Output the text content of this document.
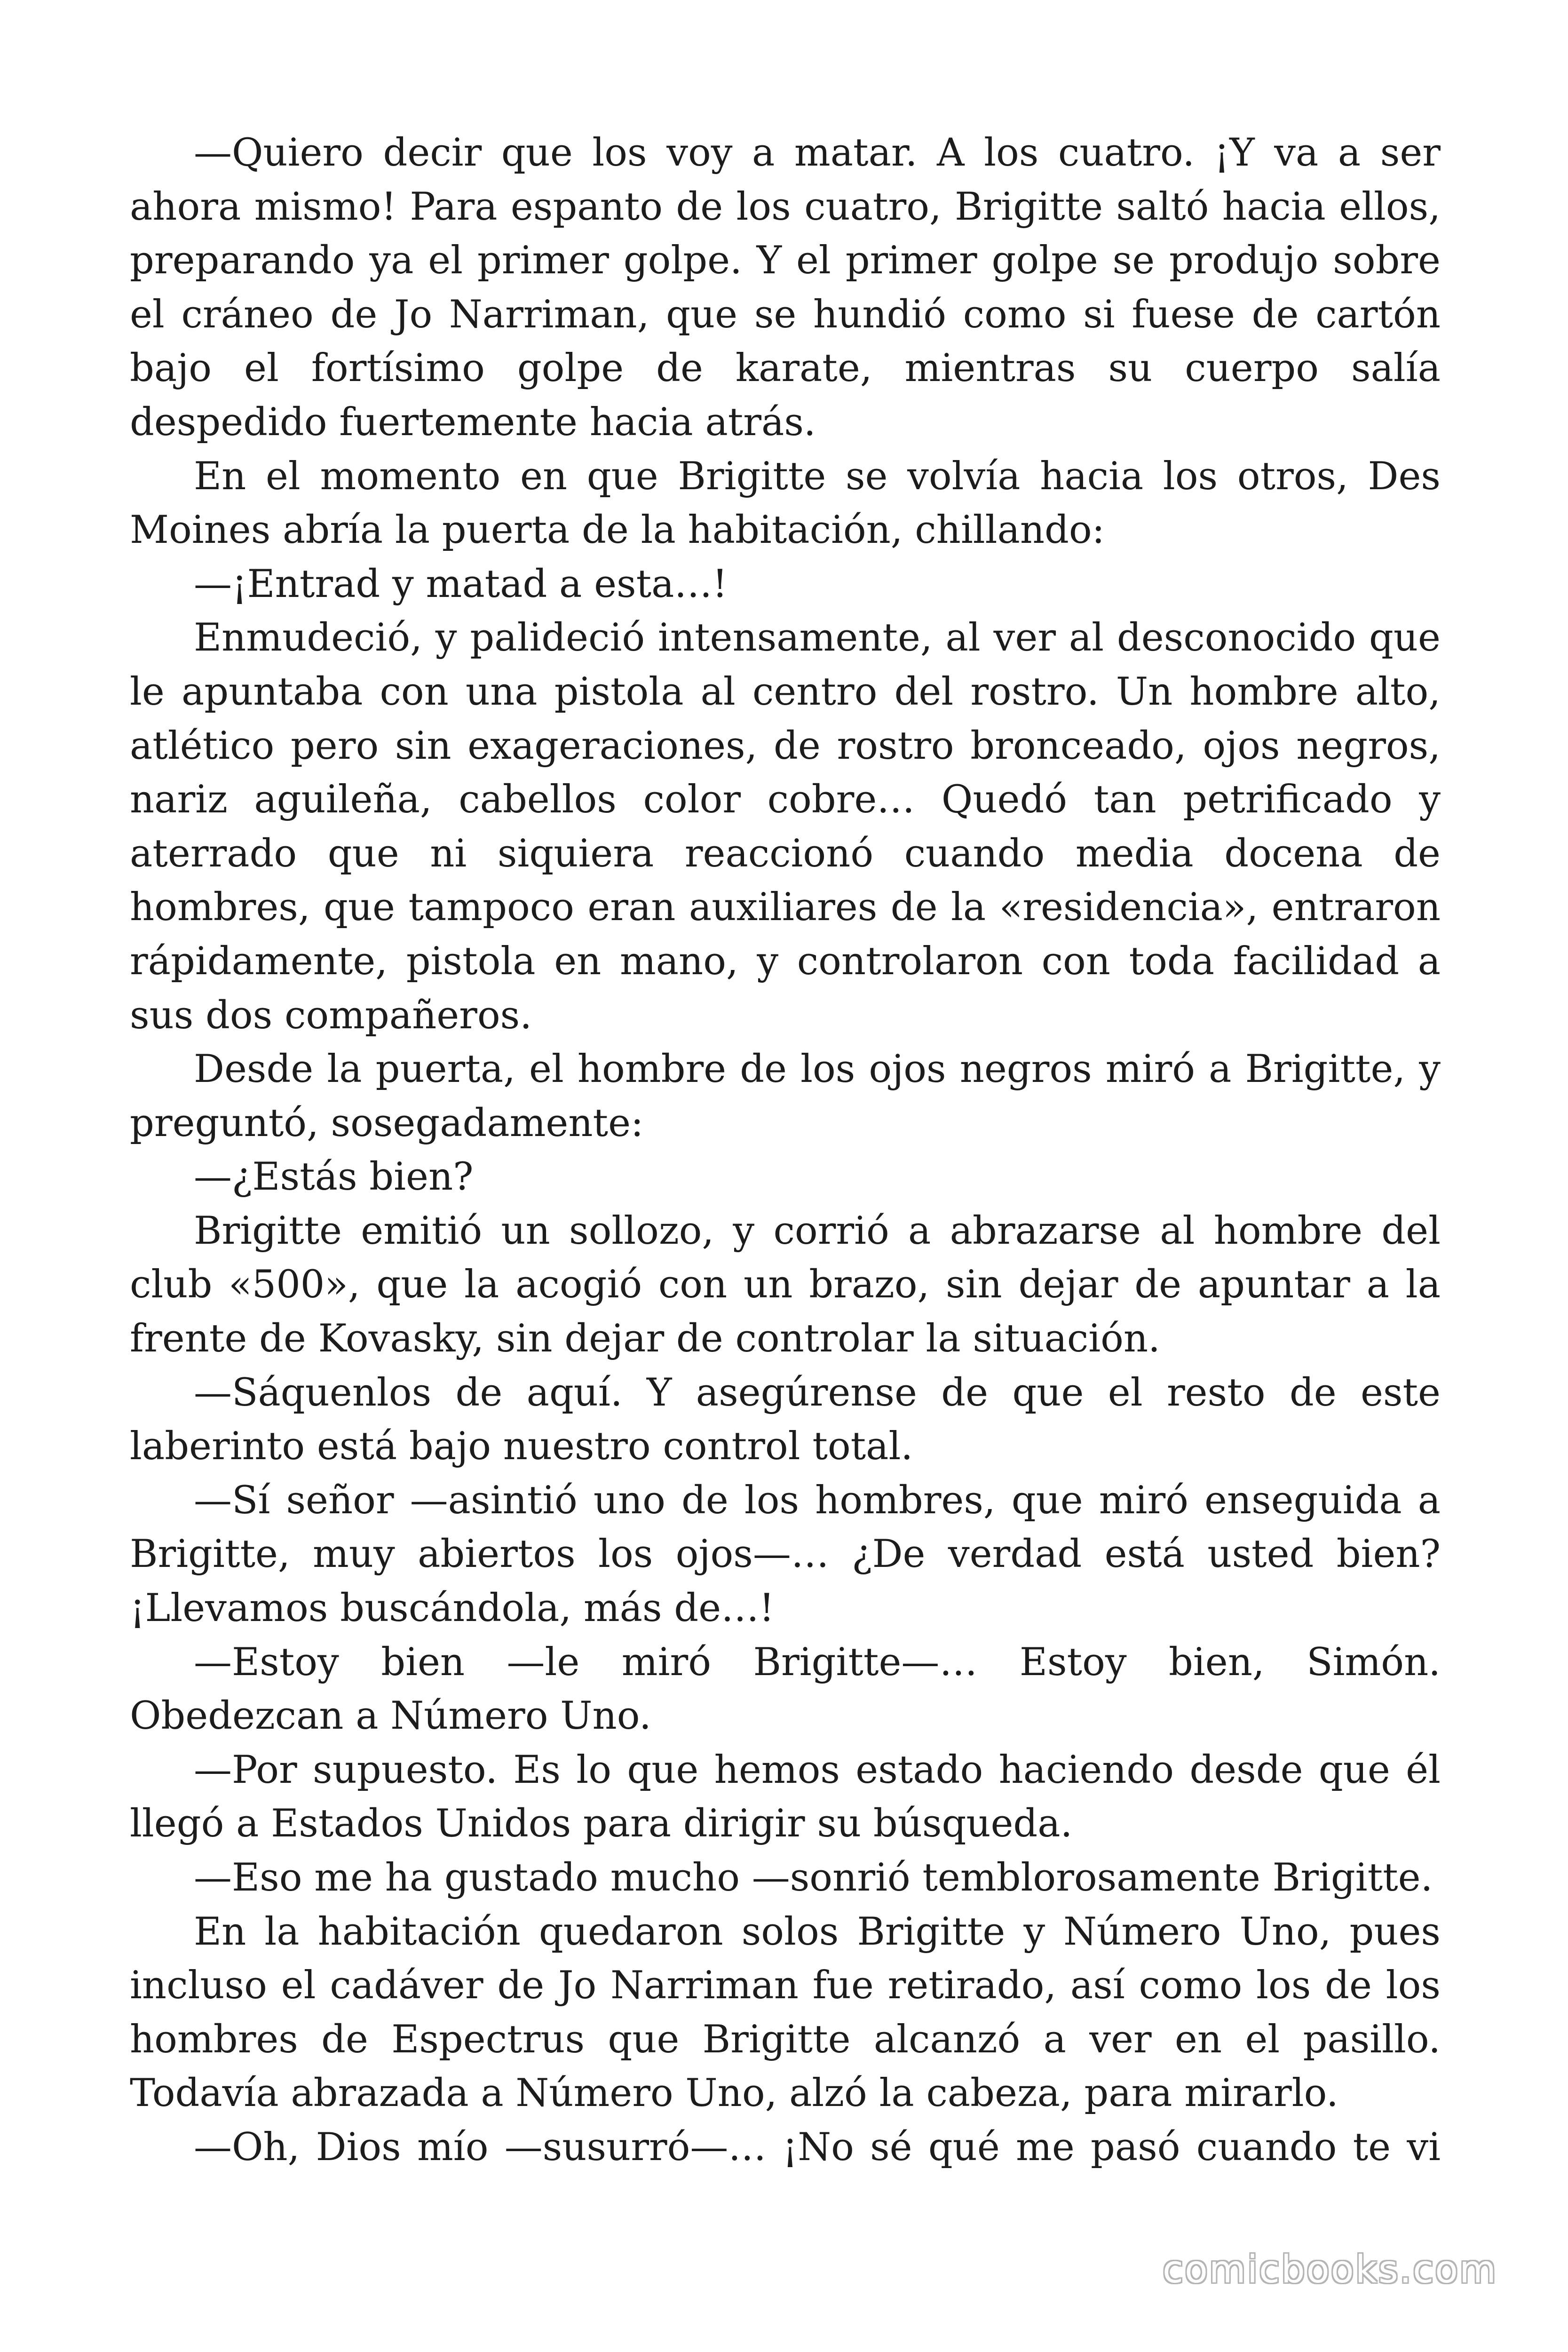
—Quiero decir que los voy a matar. A los cuatro. ¡Y va a ser ahora mismo! Para espanto de los cuatro, Brigitte saltó hacia ellos, preparando ya el primer golpe. Y el primer golpe se produjo sobre el cráneo de Jo Narriman, que se hundió como si fuese de cartón bajo el fortísimo golpe de karate, mientras su cuerpo salía despedido fuertemente hacia atrás.

En el momento en que Brigitte se volvía hacia los otros, Des Moines abría la puerta de la habitación, chillando:

—¡Entrad y matad a esta…!

Enmudeció, y palideció intensamente, al ver al desconocido que le apuntaba con una pistola al centro del rostro. Un hombre alto, atlético pero sin exageraciones, de rostro bronceado, ojos negros, nariz aguileña, cabellos color cobre… Quedó tan petrificado y aterrado que ni siquiera reaccionó cuando media docena de hombres, que tampoco eran auxiliares de la «residencia», entraron rápidamente, pistola en mano, y controlaron con toda facilidad a sus dos compañeros.

Desde la puerta, el hombre de los ojos negros miró a Brigitte, y preguntó, sosegadamente:

—¿Estás bien?

Brigitte emitió un sollozo, y corrió a abrazarse al hombre del club «500», que la acogió con un brazo, sin dejar de apuntar a la frente de Kovasky, sin dejar de controlar la situación.

—Sáquenlos de aquí. Y asegúrense de que el resto de este laberinto está bajo nuestro control total.

—Sí señor —asintió uno de los hombres, que miró enseguida a Brigitte, muy abiertos los ojos—… ¿De verdad está usted bien? ¡Llevamos buscándola, más de…!

—Estoy bien —le miró Brigitte—… Estoy bien, Simón. Obedezcan a Número Uno.

—Por supuesto. Es lo que hemos estado haciendo desde que él llegó a Estados Unidos para dirigir su búsqueda.

—Eso me ha gustado mucho —sonrió temblorosamente Brigitte.

En la habitación quedaron solos Brigitte y Número Uno, pues incluso el cadáver de Jo Narriman fue retirado, así como los de los hombres de Espectrus que Brigitte alcanzó a ver en el pasillo. Todavía abrazada a Número Uno, alzó la cabeza, para mirarlo.

—Oh, Dios mío —susurró—… ¡No sé qué me pasó cuando te vi

comicbooks.com
